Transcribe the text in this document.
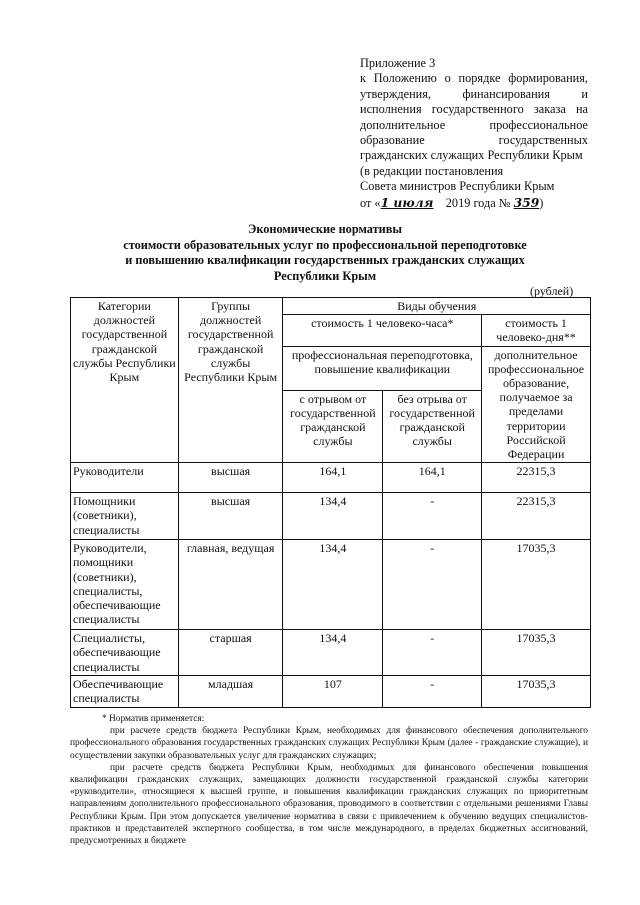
Приложение 3
к Положению о порядке формирования,
утверждения, финансирования и
исполнения государственного заказа на
дополнительное профессиональное
образование государственных
гражданских служащих Республики Крым
(в редакции постановления
Совета министров Республики Крым
от «1 июля 2019 года № 359)
Экономические нормативы
стоимости образовательных услуг по профессиональной переподготовке
и повышению квалификации государственных гражданских служащих
Республики Крым
(рублей)
Категории должностей государственной гражданской службы Республики Крым	Группы должностей государственной гражданской службы Республики Крым	Виды обучения		
		стоимость 1 человеко-часа*		стоимость 1 человеко-дня**
		профессиональная переподготовка, повышение квалификации		дополнительное профессиональное образование, получаемое за пределами территории Российской Федерации
		с отрывом от государственной гражданской службы	без отрыва от государственной гражданской службы	
Руководители	высшая	164,1	164,1	22315,3
Помощники (советники), специалисты	высшая	134,4	-	22315,3
Руководители, помощники (советники), специалисты, обеспечивающие специалисты	главная, ведущая	134,4	-	17035,3
Специалисты, обеспечивающие специалисты	старшая	134,4	-	17035,3
Обеспечивающие специалисты	младшая	107	-	17035,3

* Норматив применяется:

при расчете средств бюджета Республики Крым, необходимых для финансового обеспечения дополнительного профессионального образования государственных гражданских служащих Республики Крым (далее - гражданские служащие), и осуществлении закупки образовательных услуг для гражданских служащих;

при расчете средств бюджета Республики Крым, необходимых для финансового обеспечения повышения квалификации гражданских служащих, замещающих должности государственной гражданской службы категории «руководители», относящиеся к высшей группе, и повышения квалификации гражданских служащих по приоритетным направлениям дополнительного профессионального образования, проводимого в соответствии с отдельными решениями Главы Республики Крым. При этом допускается увеличение норматива в связи с привлечением к обучению ведущих специалистов-практиков и представителей экспертного сообщества, в том числе международного, в пределах бюджетных ассигнований, предусмотренных в бюджете
